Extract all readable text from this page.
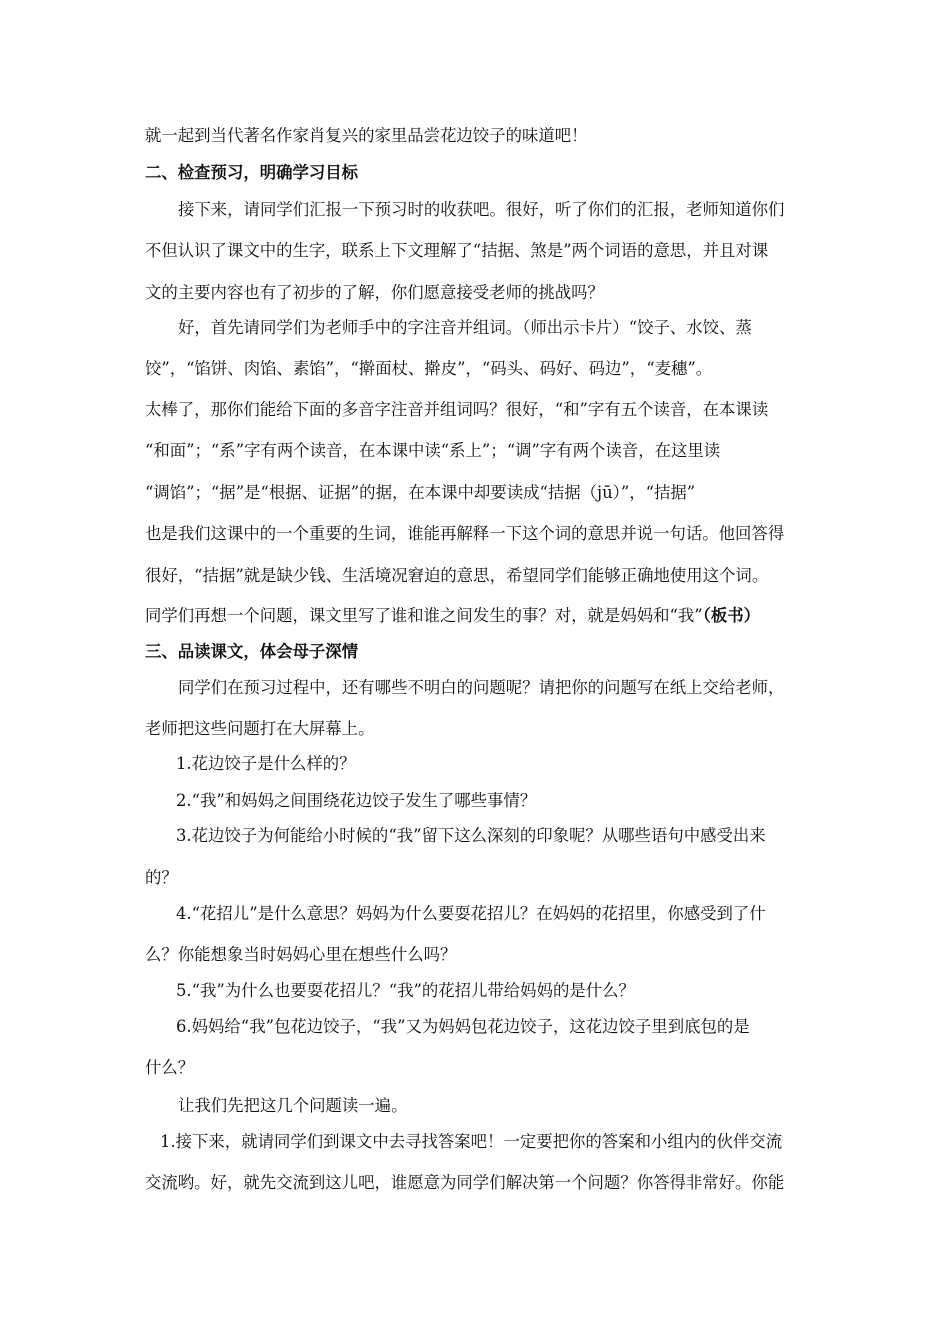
就一起到当代著名作家肖复兴的家里品尝花边饺子的味道吧！
二、检查预习，明确学习目标
接下来，请同学们汇报一下预习时的收获吧。很好，听了你们的汇报，老师知道你们
不但认识了课文中的生字，联系上下文理解了“拮据、煞是”两个词语的意思，并且对课
文的主要内容也有了初步的了解，你们愿意接受老师的挑战吗？
好，首先请同学们为老师手中的字注音并组词。（师出示卡片）“饺子、水饺、蒸
饺”，“馅饼、肉馅、素馅”，“擀面杖、擀皮”，“码头、码好、码边”，“麦穗”。
太棒了，那你们能给下面的多音字注音并组词吗？很好，“和”字有五个读音，在本课读
“和面”；“系”字有两个读音，在本课中读“系上”；“调”字有两个读音，在这里读
“调馅”；“据”是“根据、证据”的据，在本课中却要读成“拮据（jū）”，“拮据”
也是我们这课中的一个重要的生词，谁能再解释一下这个词的意思并说一句话。他回答得
很好，“拮据”就是缺少钱、生活境况窘迫的意思，希望同学们能够正确地使用这个词。
同学们再想一个问题，课文里写了谁和谁之间发生的事？对，就是妈妈和“我”（板书）
三、品读课文，体会母子深情
同学们在预习过程中，还有哪些不明白的问题呢？请把你的问题写在纸上交给老师，
老师把这些问题打在大屏幕上。
1.花边饺子是什么样的？
2.“我”和妈妈之间围绕花边饺子发生了哪些事情？
3.花边饺子为何能给小时候的“我”留下这么深刻的印象呢？从哪些语句中感受出来
的？
4.“花招儿”是什么意思？妈妈为什么要耍花招儿？在妈妈的花招里，你感受到了什
么？你能想象当时妈妈心里在想些什么吗？
5.“我”为什么也要耍花招儿？“我”的花招儿带给妈妈的是什么？
6.妈妈给“我”包花边饺子，“我”又为妈妈包花边饺子，这花边饺子里到底包的是
什么？
让我们先把这几个问题读一遍。
1.接下来，就请同学们到课文中去寻找答案吧！一定要把你的答案和小组内的伙伴交流
交流哟。好，就先交流到这儿吧，谁愿意为同学们解决第一个问题？你答得非常好。你能
